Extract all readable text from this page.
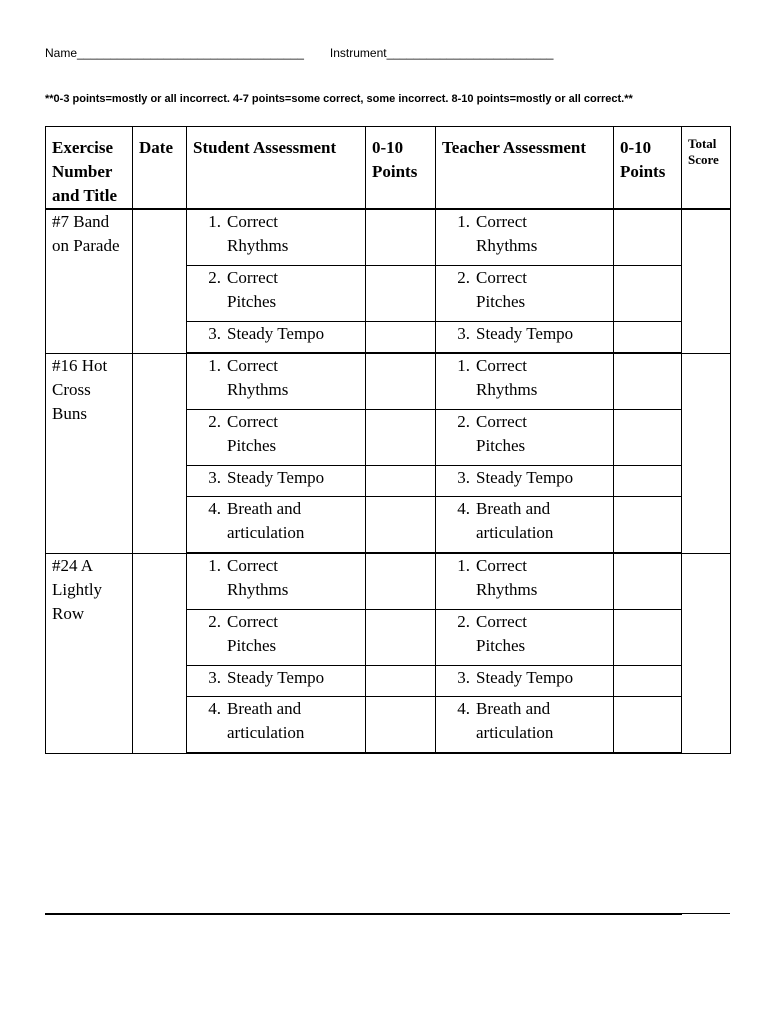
Name__________________________________ Instrument_________________________
**0-3 points=mostly or all incorrect. 4-7 points=some correct, some incorrect. 8-10 points=mostly or all correct.**
Exercise Number and Title	Date	Student Assessment	0-10 Points	Teacher Assessment	0-10 Points	Total Score
#7 Band on Parade		1. Correct Rhythms		1. Correct Rhythms		

		2. Correct Pitches		2. Correct Pitches		

		3. Steady Tempo		3. Steady Tempo		

#16 Hot Cross Buns		1. Correct Rhythms		1. Correct Rhythms		

		2. Correct Pitches		2. Correct Pitches		

		3. Steady Tempo		3. Steady Tempo		

		4. Breath and articulation		4. Breath and articulation		

#24 A Lightly Row		1. Correct Rhythms		1. Correct Rhythms		

		2. Correct Pitches		2. Correct Pitches		

		3. Steady Tempo		3. Steady Tempo		

		4. Breath and articulation		4. Breath and articulation		
